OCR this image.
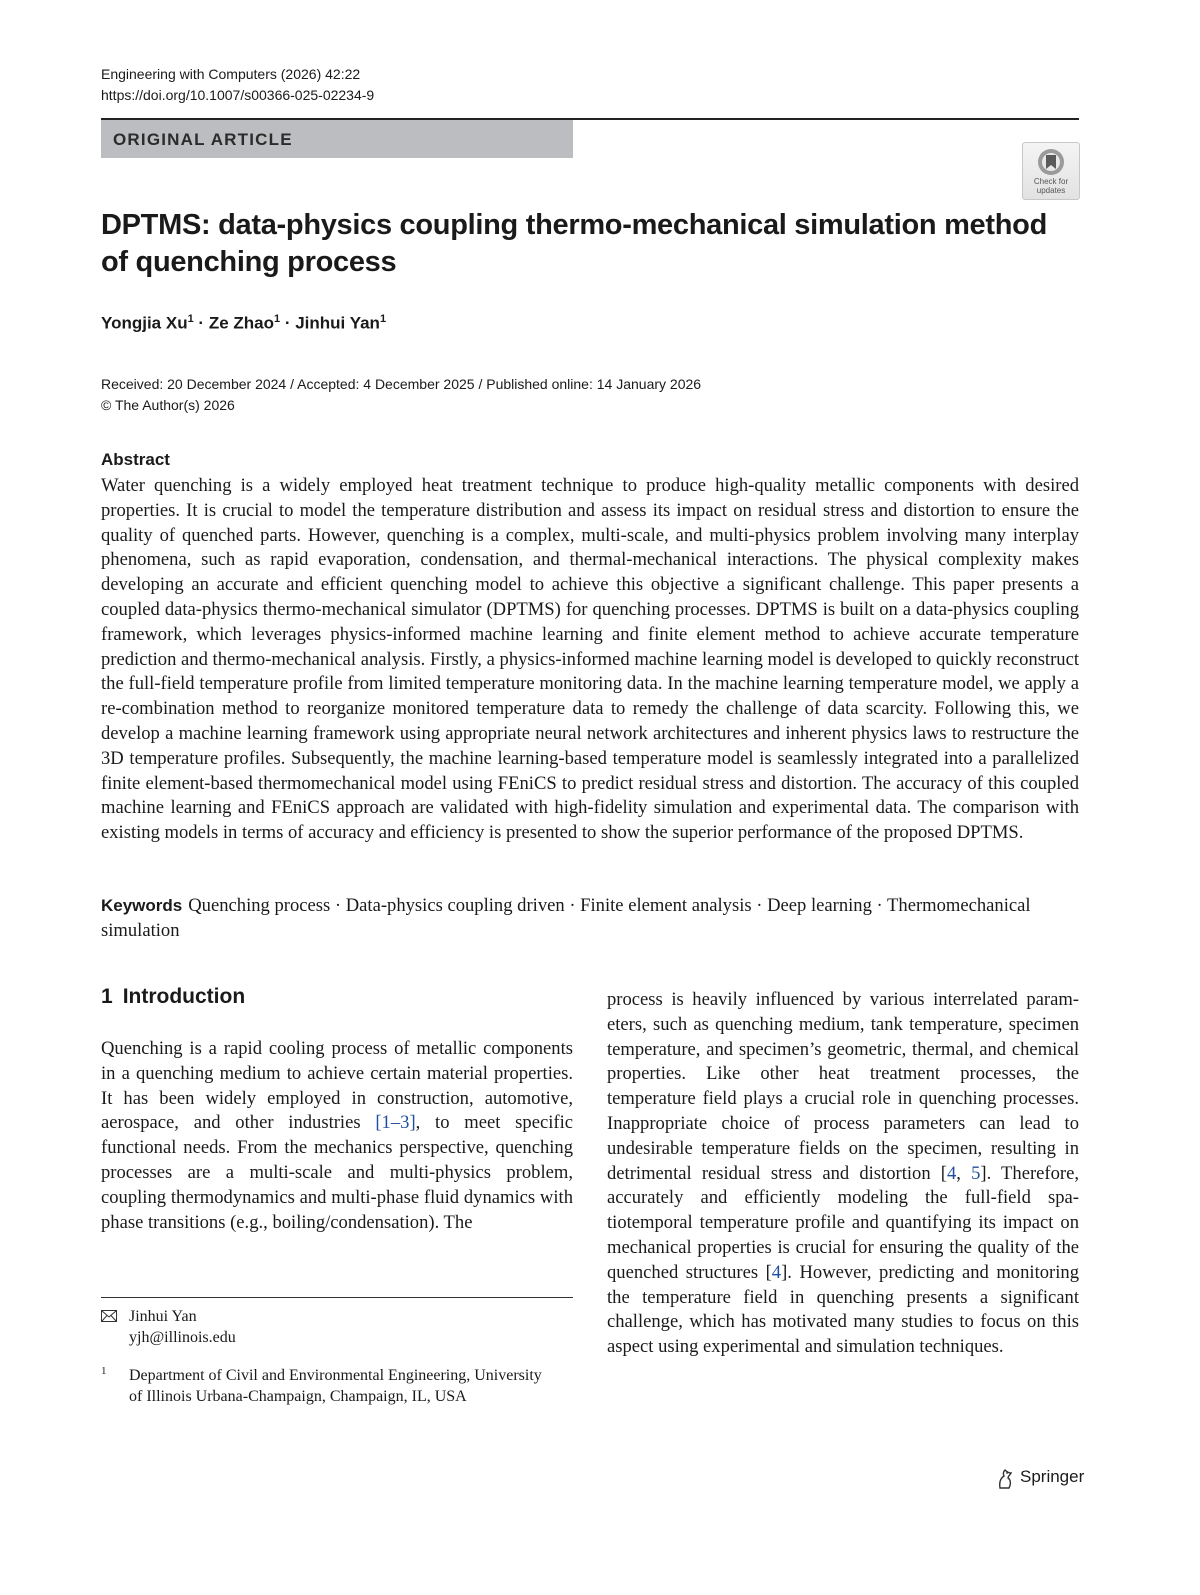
Engineering with Computers (2026) 42:22
https://doi.org/10.1007/s00366-025-02234-9
ORIGINAL ARTICLE
Check for
updates
DPTMS: data-physics coupling thermo-mechanical simulation method of quenching process
Yongjia $Xu^1 \cdot Ze$ Zhao$^1$ · Jinhui Yan$^1$
Received: 20 December 2024 / Accepted: 4 December 2025 / Published online: 14 January 2026
© The Author(s) 2026
Abstract

Water quenching is a widely employed heat treatment technique to produce high-quality metallic components with desired properties. It is crucial to model the temperature distribution and assess its impact on residual stress and distortion to ensure the quality of quenched parts. However, quenching is a complex, multi-scale, and multi-physics problem involving many interplay phenomena, such as rapid evaporation, condensation, and thermal-mechanical interactions. The physical complexity makes developing an accurate and efficient quenching model to achieve this objective a significant challenge. This paper presents a coupled data-physics thermo-mechanical simulator (DPTMS) for quenching processes. DPTMS is built on a data-physics coupling framework, which leverages physics-informed machine learning and finite element method to achieve accurate temperature prediction and thermo-mechanical analysis. Firstly, a physics-informed machine learning model is developed to quickly reconstruct the full-field temperature profile from limited temperature monitoring data. In the machine learning temperature model, we apply a re-combination method to reorganize monitored temperature data to remedy the challenge of data scarcity. Following this, we develop a machine learning framework using appropriate neural network architectures and inherent physics laws to restructure the 3D temperature profiles. Subsequently, the machine learning-based temperature model is seamlessly integrated into a parallelized finite element-based thermomechanical model using FEniCS to predict residual stress and distortion. The accuracy of this coupled machine learning and FEniCS approach are validated with high-fidelity simulation and experimental data. The comparison with existing models in terms of accuracy and efficiency is presented to show the superior performance of the proposed DPTMS.

Keywords Quenching process · Data-physics coupling driven · Finite element analysis · Deep learning · Thermomechanical simulation
1 Introduction

Quenching is a rapid cooling process of metallic components in a quenching medium to achieve certain material properties. It has been widely employed in construction, automotive, aerospace, and other industries [1–3], to meet specific functional needs. From the mechanics perspective, quenching processes are a multi-scale and multi-physics problem, coupling thermodynamics and multi-phase fluid dynamics with phase transitions (e.g., boiling/condensation). The

process is heavily influenced by various interrelated parameters, such as quenching medium, tank temperature, specimen temperature, and specimen’s geometric, thermal, and chemical properties. Like other heat treatment processes, the temperature field plays a crucial role in quenching processes. Inappropriate choice of process parameters can lead to undesirable temperature fields on the specimen, resulting in detrimental residual stress and distortion [4, 5]. Therefore, accurately and efficiently modeling the full-field spatiotemporal temperature profile and quantifying its impact on mechanical properties is crucial for ensuring the quality of the quenched structures [4]. However, predicting and monitoring the temperature field in quenching presents a significant challenge, which has motivated many studies to focus on this aspect using experimental and simulation techniques.

Jinhui Yan
yjh@illinois.edu
1 Department of Civil and Environmental Engineering, University of Illinois Urbana-Champaign, Champaign, IL, USA
Springer
